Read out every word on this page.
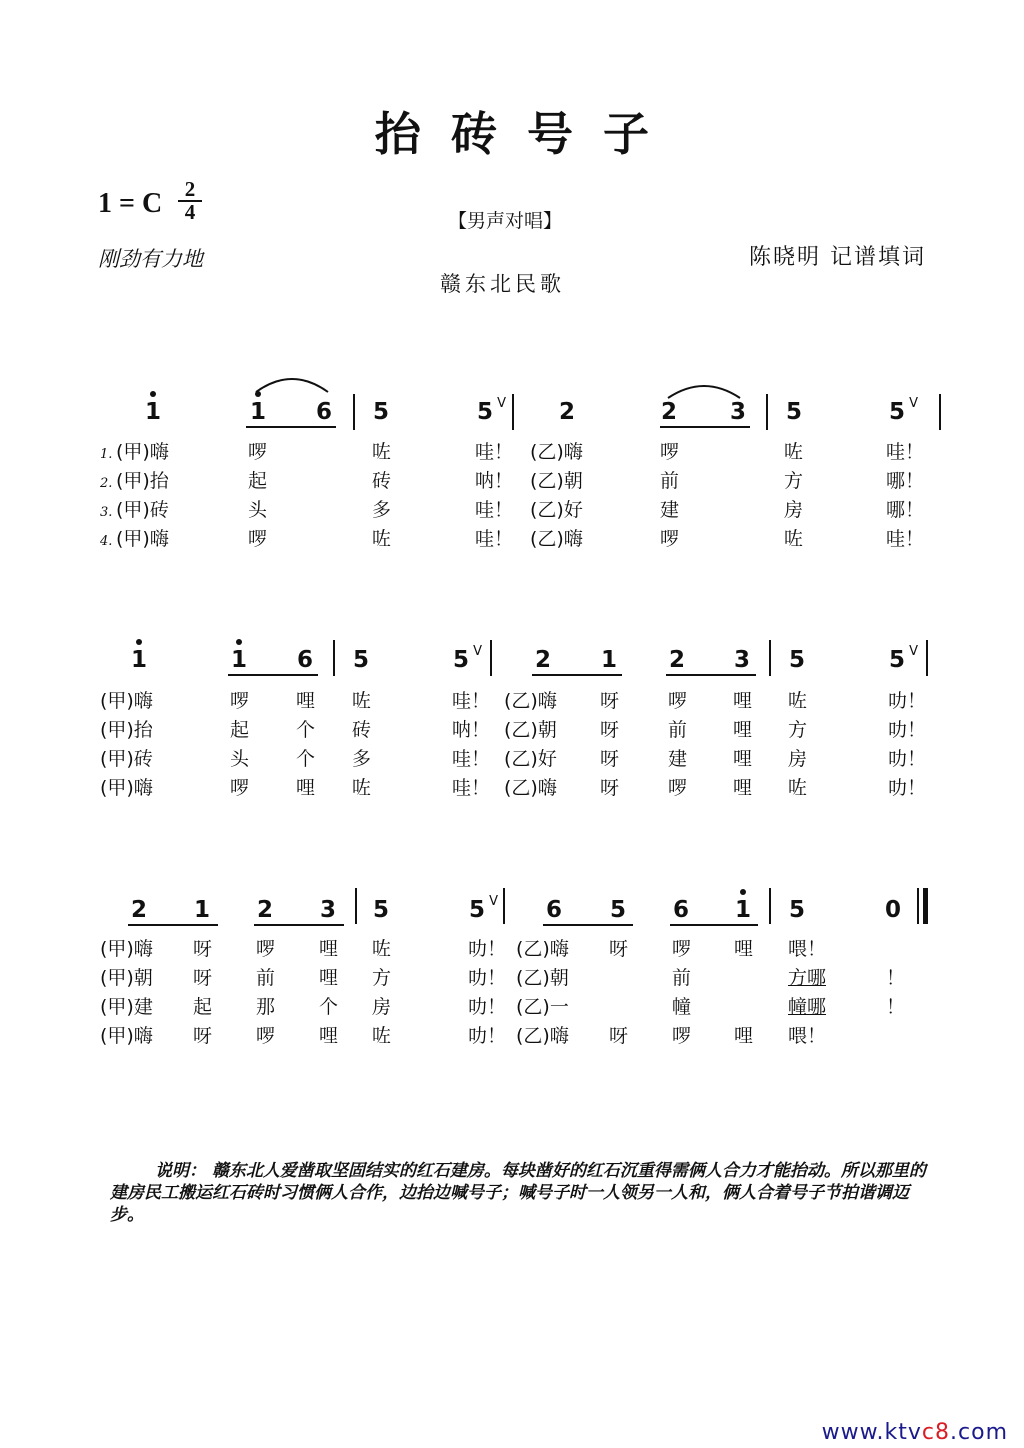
抬砖号子
1 = C	2
4	【男声对唱】
刚劲有力地	陈晓明 记谱填词
赣东北民歌
1	1	6	5	5 V	2	2	3	5	5 V
1.
2.
3.
4.
(甲)嗨	啰	咗	哇！ (乙)嗨	啰	咗	哇！
(甲)抬	起	砖	呐！ (乙)朝	前	方	哪！
(甲)砖	头	多	哇！ (乙)好	建	房	哪！
(甲)嗨	啰	咗	哇！ (乙)嗨	啰	咗	哇！
1	1	6	5	5 V	2	1	2	3	5	5 V
(甲)嗨	啰 哩 咗	哇！ (乙)嗨 呀	啰 哩 咗	叻！
(甲)抬	起 个 砖	呐！ (乙)朝 呀	前 哩 方	叻！
(甲)砖	头 个 多	哇！ (乙)好 呀	建 哩 房	叻！
(甲)嗨	啰 哩 咗	哇！ (乙)嗨 呀	啰 哩 咗	叻！
2	1	2	3	5	5 V	6	5	6	1	5	0
(甲)嗨 呀 啰 哩 咗	叻！ (乙)嗨 呀 啰 哩 喂！
(甲)朝 呀 前 哩 方	叻！ (乙)朝	前	方哪	！
(甲)建 起 那 个 房	叻！ (乙)一	幢	幢哪	！
(甲)嗨 呀 啰 哩 咗	叻！ (乙)嗨 呀 啰 哩 喂！
说明： 赣东北人爱凿取坚固结实的红石建房。每块凿好的红石沉重得需俩人合力才能抬动。所以那里的建房民工搬运红石砖时习惯俩人合作，边抬边喊号子；喊号子时一人领另一人和，俩人合着号子节拍谐调迈步。
www.ktvc8.com
